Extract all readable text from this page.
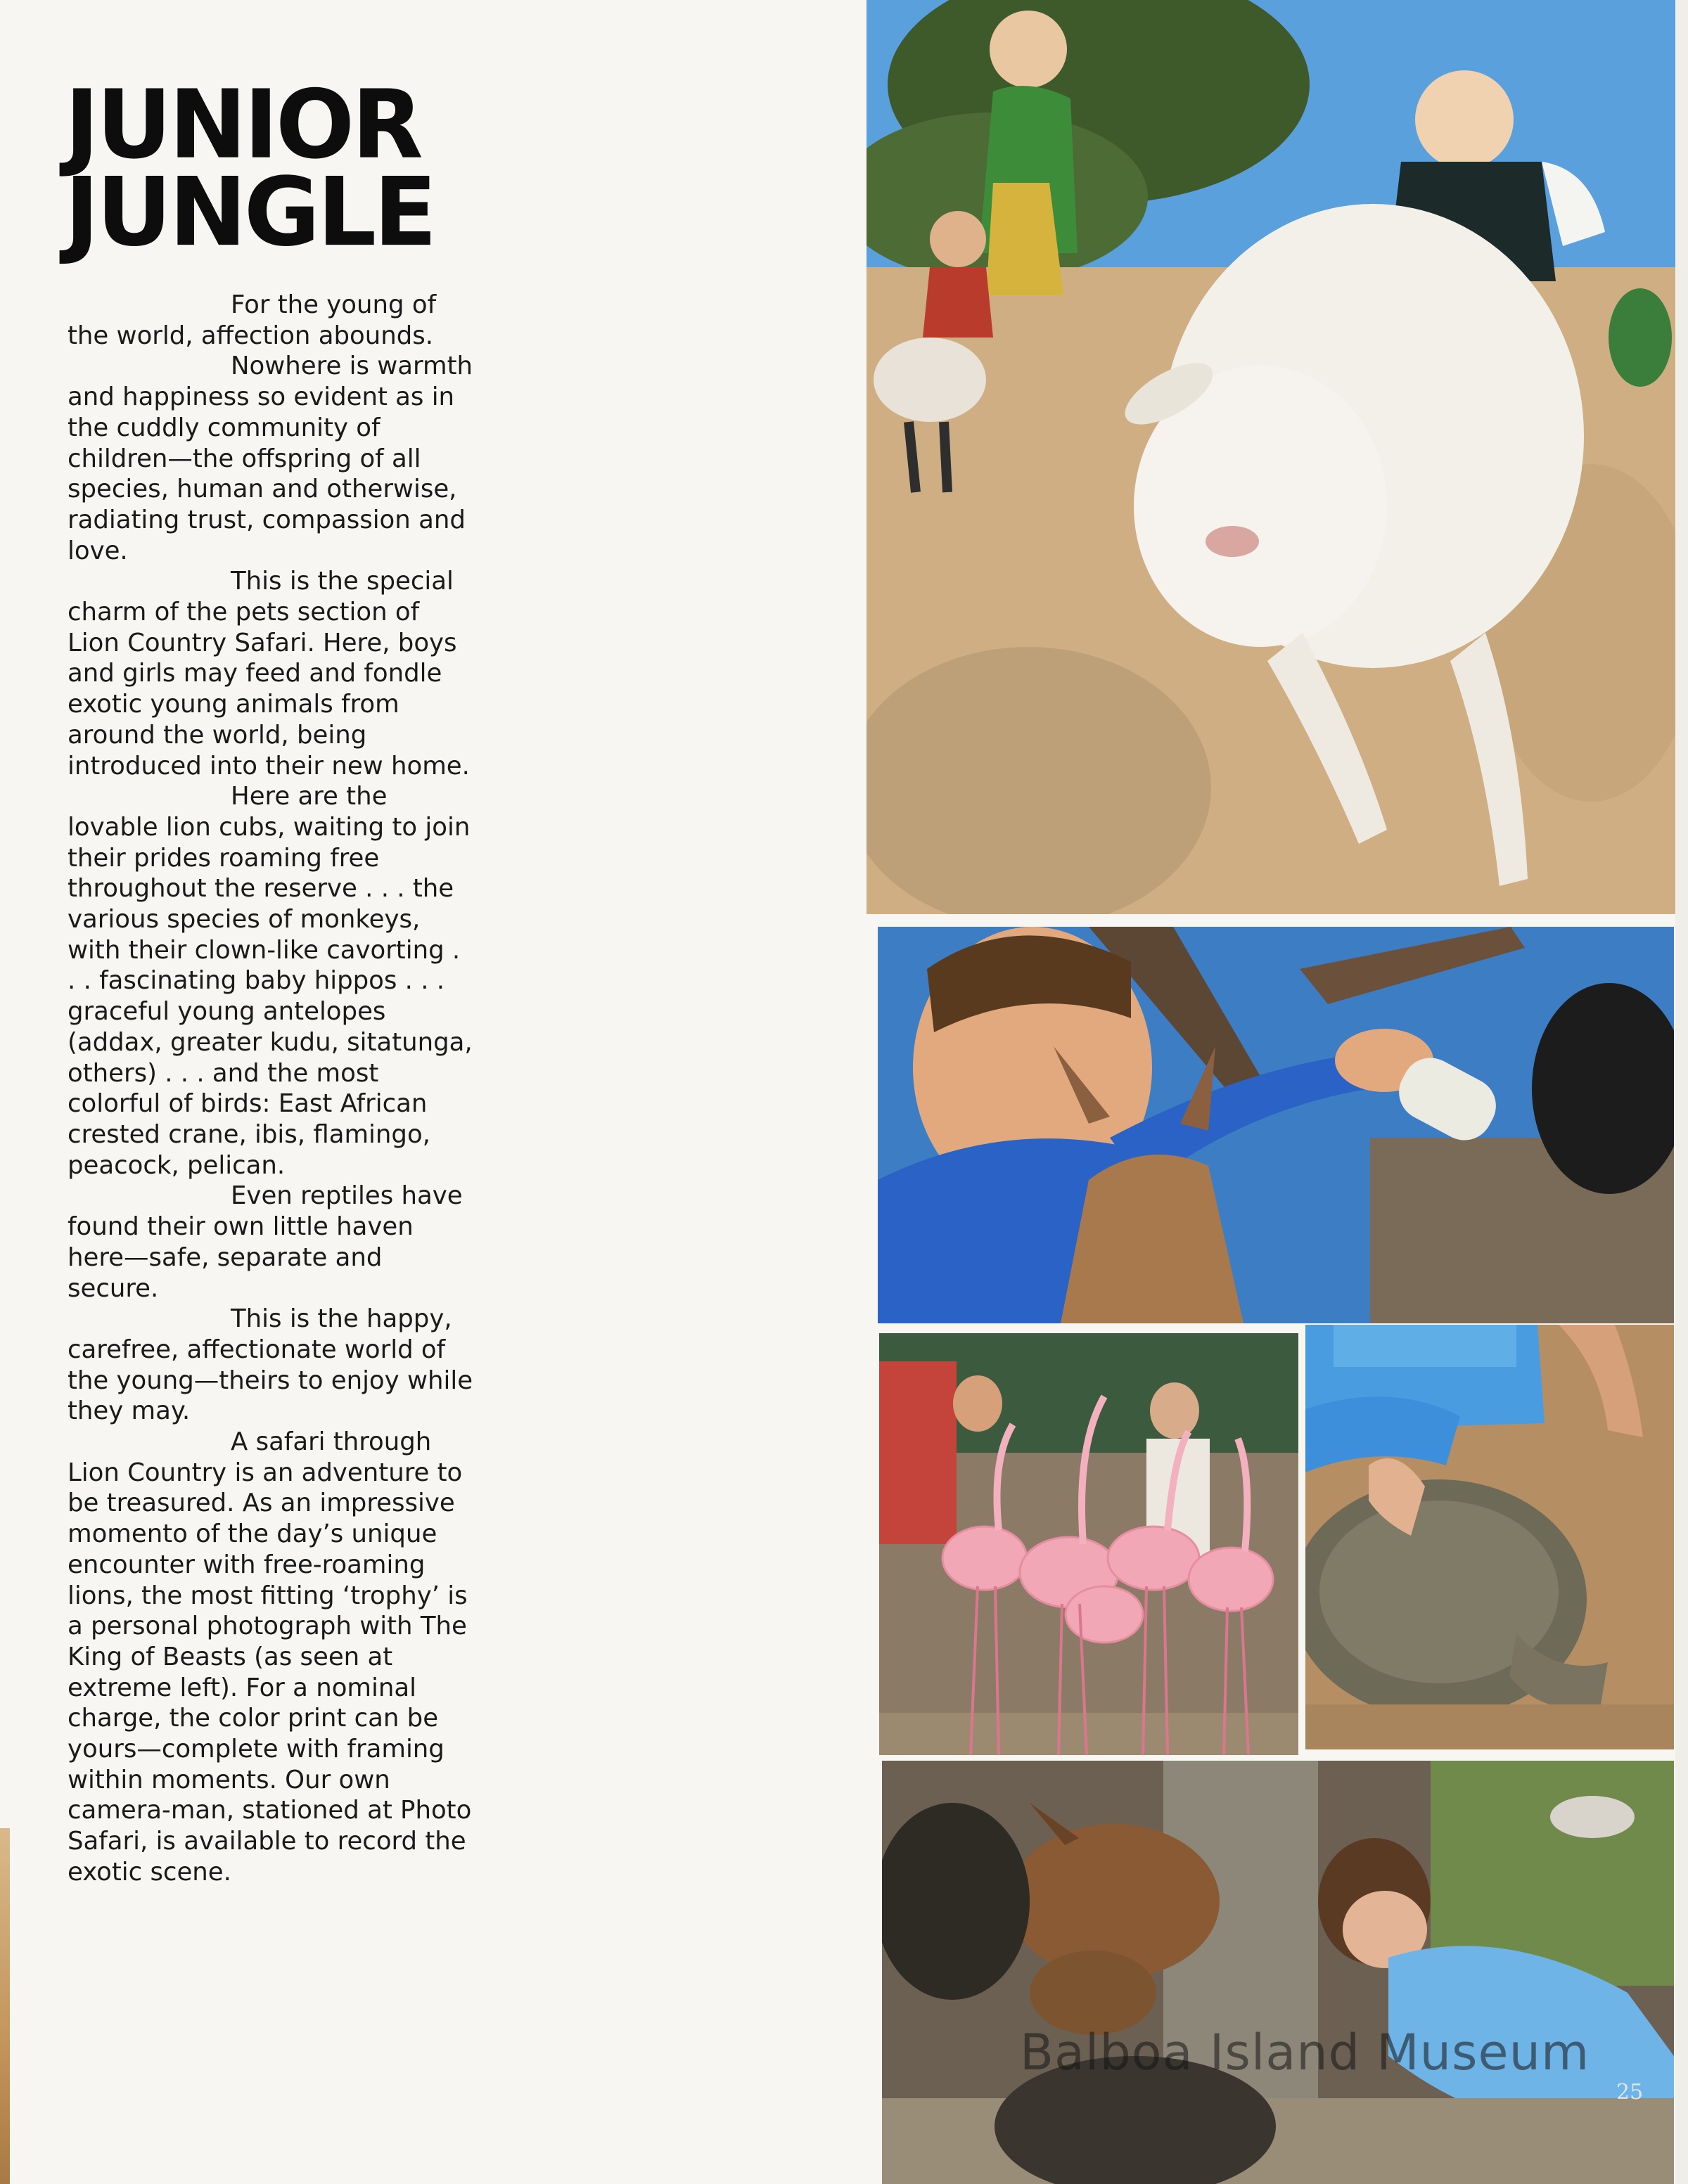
JUNIOR
JUNGLE

For the young of the world, affection abounds.

Nowhere is warmth and happiness so evident as in the cuddly community of children—the offspring of all species, human and otherwise, radiating trust, compassion and love.

This is the special charm of the pets section of Lion Country Safari. Here, boys and girls may feed and fondle exotic young animals from around the world, being introduced into their new home.

Here are the lovable lion cubs, waiting to join their prides roaming free throughout the reserve . . . the various species of monkeys, with their clown-like cavorting . . . fascinating baby hippos . . . graceful young antelopes (addax, greater kudu, sitatunga, others) . . . and the most colorful of birds: East African crested crane, ibis, flamingo, peacock, pelican.

Even reptiles have found their own little haven here—safe, separate and secure.

This is the happy, carefree, affectionate world of the young—theirs to enjoy while they may.

A safari through Lion Country is an adventure to be treasured. As an impressive momento of the day’s unique encounter with free-roaming lions, the most fitting ‘trophy’ is a personal photograph with The King of Beasts (as seen at extreme left). For a nominal charge, the color print can be yours—complete with framing within moments. Our own camera-man, stationed at Photo Safari, is available to record the exotic scene.

Balboa Island Museum
25
